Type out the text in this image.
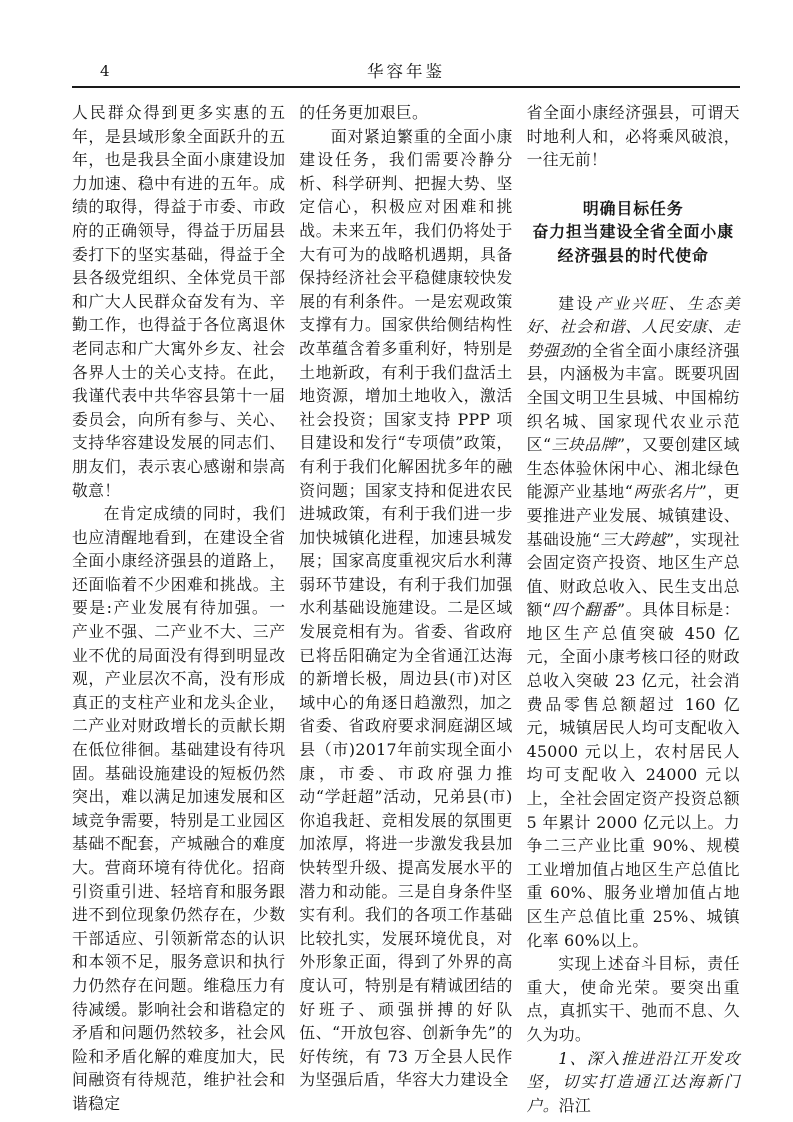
4	华容年鉴

人民群众得到更多实惠的五年，是县域形象全面跃升的五年，也是我县全面小康建设加力加速、稳中有进的五年。成绩的取得，得益于市委、市政府的正确领导，得益于历届县委打下的坚实基础，得益于全县各级党组织、全体党员干部和广大人民群众奋发有为、辛勤工作，也得益于各位离退休老同志和广大寓外乡友、社会各界人士的关心支持。在此，我谨代表中共华容县第十一届委员会，向所有参与、关心、支持华容建设发展的同志们、朋友们，表示衷心感谢和崇高敬意！

在肯定成绩的同时，我们也应清醒地看到，在建设全省全面小康经济强县的道路上，还面临着不少困难和挑战。主要是:产业发展有待加强。一产业不强、二产业不大、三产业不优的局面没有得到明显改观，产业层次不高，没有形成真正的支柱产业和龙头企业，二产业对财政增长的贡献长期在低位徘徊。基础建设有待巩固。基础设施建设的短板仍然突出，难以满足加速发展和区域竞争需要，特别是工业园区基础不配套，产城融合的难度大。营商环境有待优化。招商引资重引进、轻培育和服务跟进不到位现象仍然存在，少数干部适应、引领新常态的认识和本领不足，服务意识和执行力仍然存在问题。维稳压力有待减缓。影响社会和谐稳定的矛盾和问题仍然较多，社会风险和矛盾化解的难度加大，民间融资有待规范，维护社会和谐稳定

的任务更加艰巨。

面对紧迫繁重的全面小康建设任务，我们需要冷静分析、科学研判、把握大势、坚定信心，积极应对困难和挑战。未来五年，我们仍将处于大有可为的战略机遇期，具备保持经济社会平稳健康较快发展的有利条件。一是宏观政策支撑有力。国家供给侧结构性改革蕴含着多重利好，特别是土地新政，有利于我们盘活土地资源，增加土地收入，激活社会投资；国家支持 PPP 项目建设和发行“专项债”政策，有利于我们化解困扰多年的融资问题；国家支持和促进农民进城政策，有利于我们进一步加快城镇化进程，加速县城发展；国家高度重视灾后水利薄弱环节建设，有利于我们加强水利基础设施建设。二是区域发展竞相有为。省委、省政府已将岳阳确定为全省通江达海的新增长极，周边县(市)对区域中心的角逐日趋激烈，加之省委、省政府要求洞庭湖区域县（市)2017年前实现全面小康，市委、市政府强力推动“学赶超”活动，兄弟县(市)你追我赶、竞相发展的氛围更加浓厚，将进一步激发我县加快转型升级、提高发展水平的潜力和动能。三是自身条件坚实有利。我们的各项工作基础比较扎实，发展环境优良，对外形象正面，得到了外界的高度认可，特别是有精诚团结的好班子、顽强拼搏的好队伍、“开放包容、创新争先”的好传统，有 73 万全县人民作为坚强后盾，华容大力建设全

省全面小康经济强县，可谓天时地利人和，必将乘风破浪，一往无前！

明确目标任务
奋力担当建设全省全面小康
经济强县的时代使命

建设产业兴旺、生态美好、社会和谐、人民安康、走势强劲的全省全面小康经济强县，内涵极为丰富。既要巩固全国文明卫生县城、中国棉纺织名城、国家现代农业示范区“三块品牌”，又要创建区域生态体验休闲中心、湘北绿色能源产业基地“两张名片”，更要推进产业发展、城镇建设、基础设施“三大跨越”，实现社会固定资产投资、地区生产总值、财政总收入、民生支出总额“四个翻番”。具体目标是：地区生产总值突破 450 亿元，全面小康考核口径的财政总收入突破 23 亿元，社会消费品零售总额超过 160 亿元，城镇居民人均可支配收入 45000 元以上，农村居民人均可支配收入 24000 元以上，全社会固定资产投资总额 5 年累计 2000 亿元以上。力争二三产业比重 90%、规模工业增加值占地区生产总值比重 60%、服务业增加值占地区生产总值比重 25%、城镇化率 60%以上。

实现上述奋斗目标，责任重大，使命光荣。要突出重点，真抓实干、弛而不息、久久为功。

1、深入推进沿江开发攻坚，切实打造通江达海新门户。沿江
